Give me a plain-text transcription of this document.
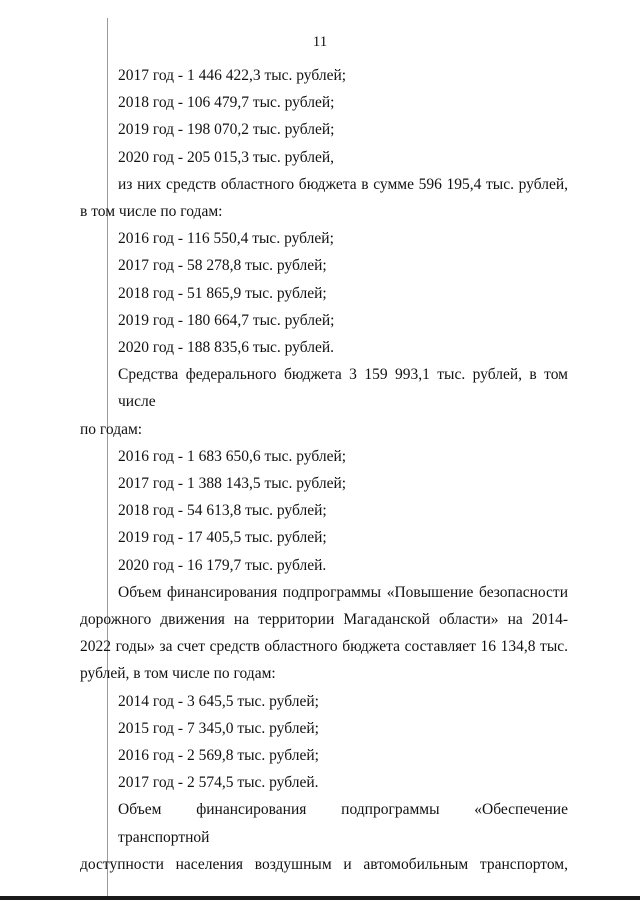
11

2017 год - 1 446 422,3 тыс. рублей;

2018 год - 106 479,7 тыс. рублей;

2019 год - 198 070,2 тыс. рублей;

2020 год - 205 015,3 тыс. рублей,

из них средств областного бюджета в сумме 596 195,4 тыс. рублей,

в том числе по годам:

2016 год - 116 550,4 тыс. рублей;

2017 год - 58 278,8 тыс. рублей;

2018 год - 51 865,9 тыс. рублей;

2019 год - 180 664,7 тыс. рублей;

2020 год - 188 835,6 тыс. рублей.

Средства федерального бюджета 3 159 993,1 тыс. рублей, в том числе

по годам:

2016 год - 1 683 650,6 тыс. рублей;

2017 год - 1 388 143,5 тыс. рублей;

2018 год - 54 613,8 тыс. рублей;

2019 год - 17 405,5 тыс. рублей;

2020 год - 16 179,7 тыс. рублей.

Объем финансирования подпрограммы «Повышение безопасности

дорожного движения на территории Магаданской области» на 2014-

2022 годы» за счет средств областного бюджета составляет 16 134,8 тыс.

рублей, в том числе по годам:

2014 год - 3 645,5 тыс. рублей;

2015 год - 7 345,0 тыс. рублей;

2016 год - 2 569,8 тыс. рублей;

2017 год - 2 574,5 тыс. рублей.

Объем финансирования подпрограммы «Обеспечение транспортной

доступности населения воздушным и автомобильным транспортом,
